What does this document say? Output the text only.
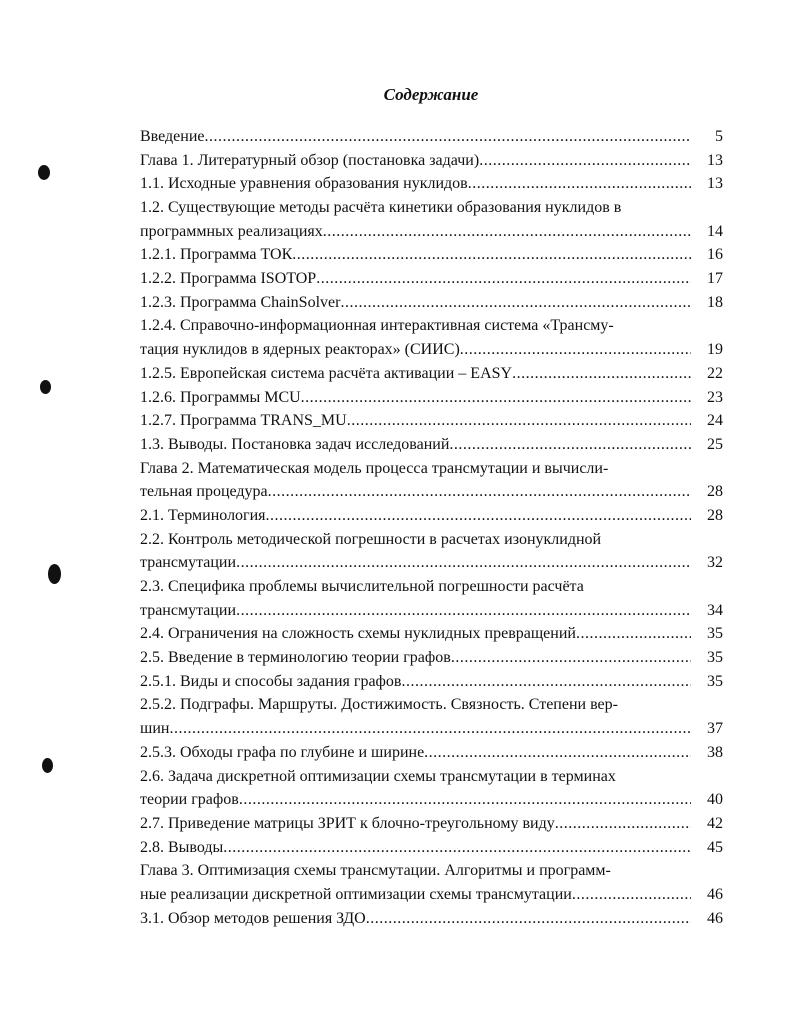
Содержание
Введение .....	5
Глава 1. Литературный обзор (постановка задачи) .....	13
1.1. Исходные уравнения образования нуклидов .....	13
1.2. Существующие методы расчёта кинетики образования нуклидов в
программных реализациях .....	14
1.2.1. Программа ТОК .....	16
1.2.2. Программа ISOTOP .....	17
1.2.3. Программа ChainSolver .....	18
1.2.4. Справочно-информационная интерактивная система «Трансму-
тация нуклидов в ядерных реакторах» (СИИС) .....	19
1.2.5. Европейская система расчёта активации – EASY .....	22
1.2.6. Программы MCU .....	23
1.2.7. Программа TRANS_MU .....	24
1.3. Выводы. Постановка задач исследований .....	25
Глава 2. Математическая модель процесса трансмутации и вычисли-
тельная процедура .....	28
2.1. Терминология .....	28
2.2. Контроль методической погрешности в расчетах изонуклидной
трансмутации .....	32
2.3. Специфика проблемы вычислительной погрешности расчёта
трансмутации .....	34
2.4. Ограничения на сложность схемы нуклидных превращений .....	35
2.5. Введение в терминологию теории графов .....	35
2.5.1. Виды и способы задания графов .....	35
2.5.2. Подграфы. Маршруты. Достижимость. Связность. Степени вер-
шин .....	37
2.5.3. Обходы графа по глубине и ширине .....	38
2.6. Задача дискретной оптимизации схемы трансмутации в терминах
теории графов .....	40
2.7. Приведение матрицы ЗРИТ к блочно-треугольному виду .....	42
2.8. Выводы .....	45
Глава 3. Оптимизация схемы трансмутации. Алгоритмы и программ-
ные реализации дискретной оптимизации схемы трансмутации .....	46
3.1. Обзор методов решения ЗДО .....	46
